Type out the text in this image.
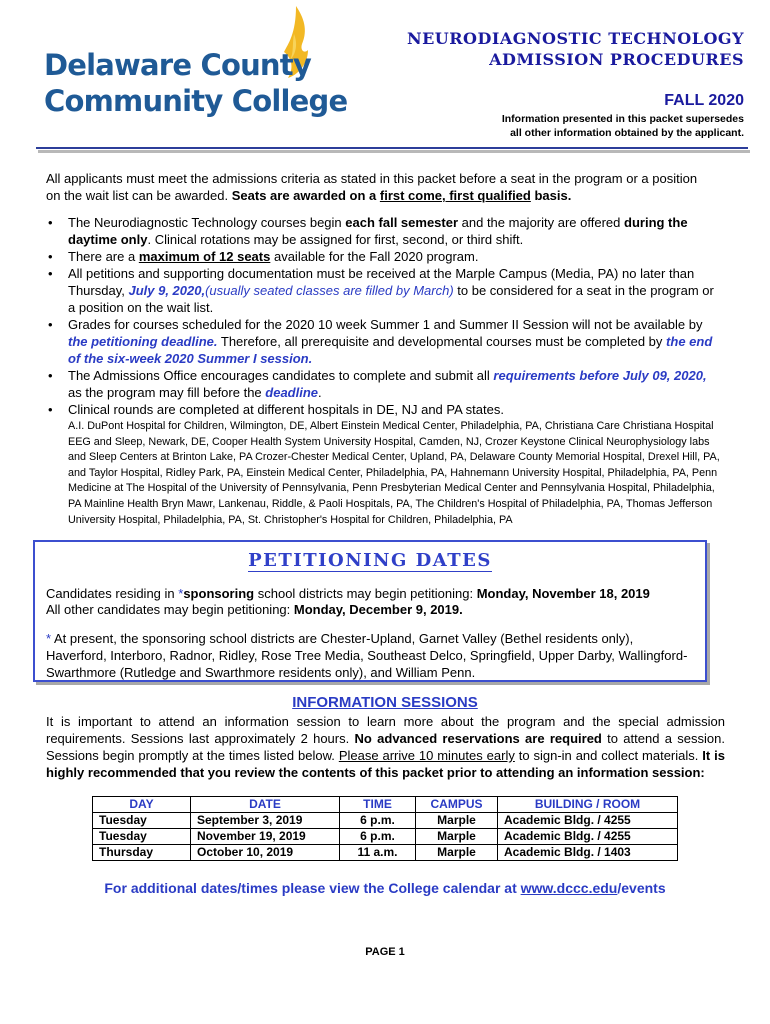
Delaware County
Community College
NEURODIAGNOSTIC TECHNOLOGY
ADMISSION PROCEDURES
FALL 2020
Information presented in this packet supersedes
all other information obtained by the applicant.

All applicants must meet the admissions criteria as stated in this packet before a seat in the program or a position on the wait list can be awarded. Seats are awarded on a first come, first qualified basis.

• The Neurodiagnostic Technology courses begin each fall semester and the majority are offered during the daytime only. Clinical rotations may be assigned for first, second, or third shift.
• There are a maximum of 12 seats available for the Fall 2020 program.
• All petitions and supporting documentation must be received at the Marple Campus (Media, PA) no later than Thursday, July 9, 2020,(usually seated classes are filled by March) to be considered for a seat in the program or a position on the wait list.
• Grades for courses scheduled for the 2020 10 week Summer 1 and Summer II Session will not be available by the petitioning deadline. Therefore, all prerequisite and developmental courses must be completed by the end of the six-week 2020 Summer I session.
• The Admissions Office encourages candidates to complete and submit all requirements before July 09, 2020, as the program may fill before the deadline.
• Clinical rounds are completed at different hospitals in DE, NJ and PA states.
A.I. DuPont Hospital for Children, Wilmington, DE, Albert Einstein Medical Center, Philadelphia, PA, Christiana Care Christiana Hospital EEG and Sleep, Newark, DE, Cooper Health System University Hospital, Camden, NJ, Crozer Keystone Clinical Neurophysiology labs and Sleep Centers at Brinton Lake, PA Crozer-Chester Medical Center, Upland, PA, Delaware County Memorial Hospital, Drexel Hill, PA, and Taylor Hospital, Ridley Park, PA, Einstein Medical Center, Philadelphia, PA, Hahnemann University Hospital, Philadelphia, PA, Penn Medicine at The Hospital of the University of Pennsylvania, Penn Presbyterian Medical Center and Pennsylvania Hospital, Philadelphia, PA Mainline Health Bryn Mawr, Lankenau, Riddle, & Paoli Hospitals, PA, The Children's Hospital of Philadelphia, PA, Thomas Jefferson University Hospital, Philadelphia, PA, St. Christopher's Hospital for Children, Philadelphia, PA
PETITIONING DATES
Candidates residing in *sponsoring school districts may begin petitioning: Monday, November 18, 2019
All other candidates may begin petitioning: Monday, December 9, 2019.
* At present, the sponsoring school districts are Chester-Upland, Garnet Valley (Bethel residents only), Haverford, Interboro, Radnor, Ridley, Rose Tree Media, Southeast Delco, Springfield, Upper Darby, Wallingford-Swarthmore (Rutledge and Swarthmore residents only), and William Penn.
INFORMATION SESSIONS

It is important to attend an information session to learn more about the program and the special admission requirements. Sessions last approximately 2 hours. No advanced reservations are required to attend a session. Sessions begin promptly at the times listed below. Please arrive 10 minutes early to sign-in and collect materials. It is highly recommended that you review the contents of this packet prior to attending an information session:

DAY	DATE	TIME	CAMPUS	BUILDING / ROOM
Tuesday	September 3, 2019	6 p.m.	Marple	Academic Bldg. / 4255
Tuesday	November 19, 2019	6 p.m.	Marple	Academic Bldg. / 4255
Thursday	October 10, 2019	11 a.m.	Marple	Academic Bldg. / 1403
For additional dates/times please view the College calendar at www.dccc.edu/events
PAGE 1
